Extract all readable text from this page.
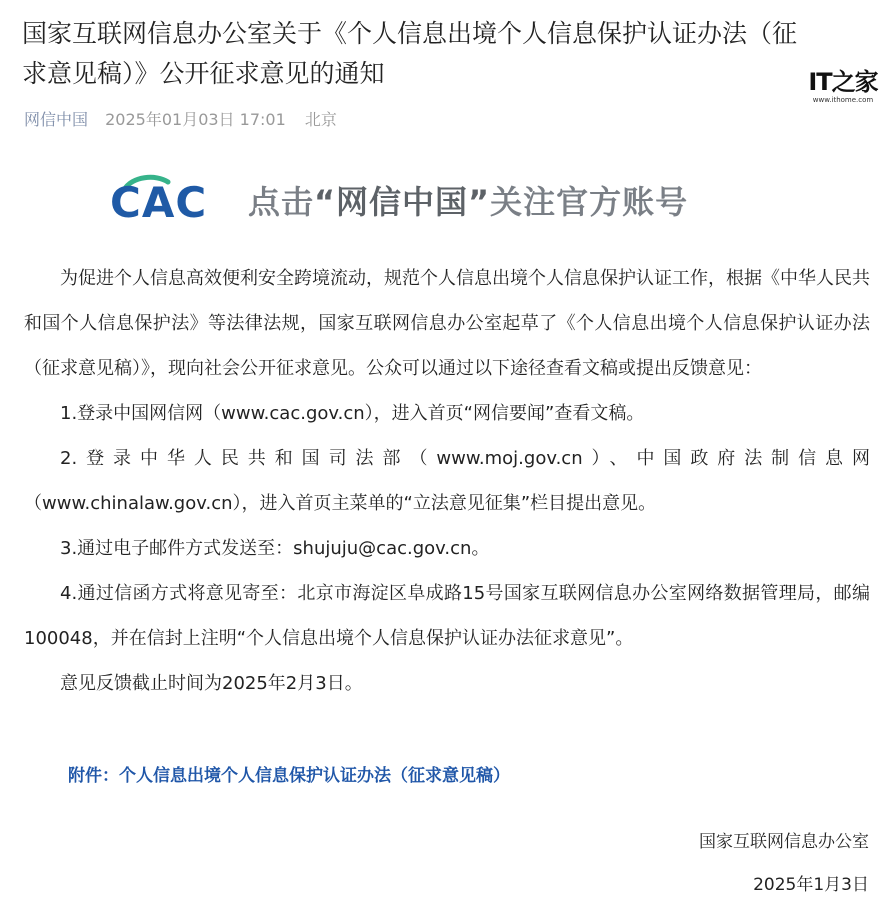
国家互联网信息办公室关于《个人信息出境个人信息保护认证办法（征求意见稿）》公开征求意见的通知	IT之家
www.ithome.com
网信中国 2025年01月03日 17:01 北京
CAC 点击“网信中国”关注官方账号

为促进个人信息高效便利安全跨境流动，规范个人信息出境个人信息保护认证工作，根据《中华人民共和国个人信息保护法》等法律法规，国家互联网信息办公室起草了《个人信息出境个人信息保护认证办法（征求意见稿）》，现向社会公开征求意见。公众可以通过以下途径查看文稿或提出反馈意见：

1.登录中国网信网（www.cac.gov.cn），进入首页“网信要闻”查看文稿。

2.登录中华人民共和国司法部（www.moj.gov.cn）、中国政府法制信息网（www.chinalaw.gov.cn），进入首页主菜单的“立法意见征集”栏目提出意见。

3.通过电子邮件方式发送至：shujuju@cac.gov.cn。

4.通过信函方式将意见寄至：北京市海淀区阜成路15号国家互联网信息办公室网络数据管理局，邮编100048，并在信封上注明“个人信息出境个人信息保护认证办法征求意见”。

意见反馈截止时间为2025年2月3日。

附件：个人信息出境个人信息保护认证办法（征求意见稿）
国家互联网信息办公室
2025年1月3日
